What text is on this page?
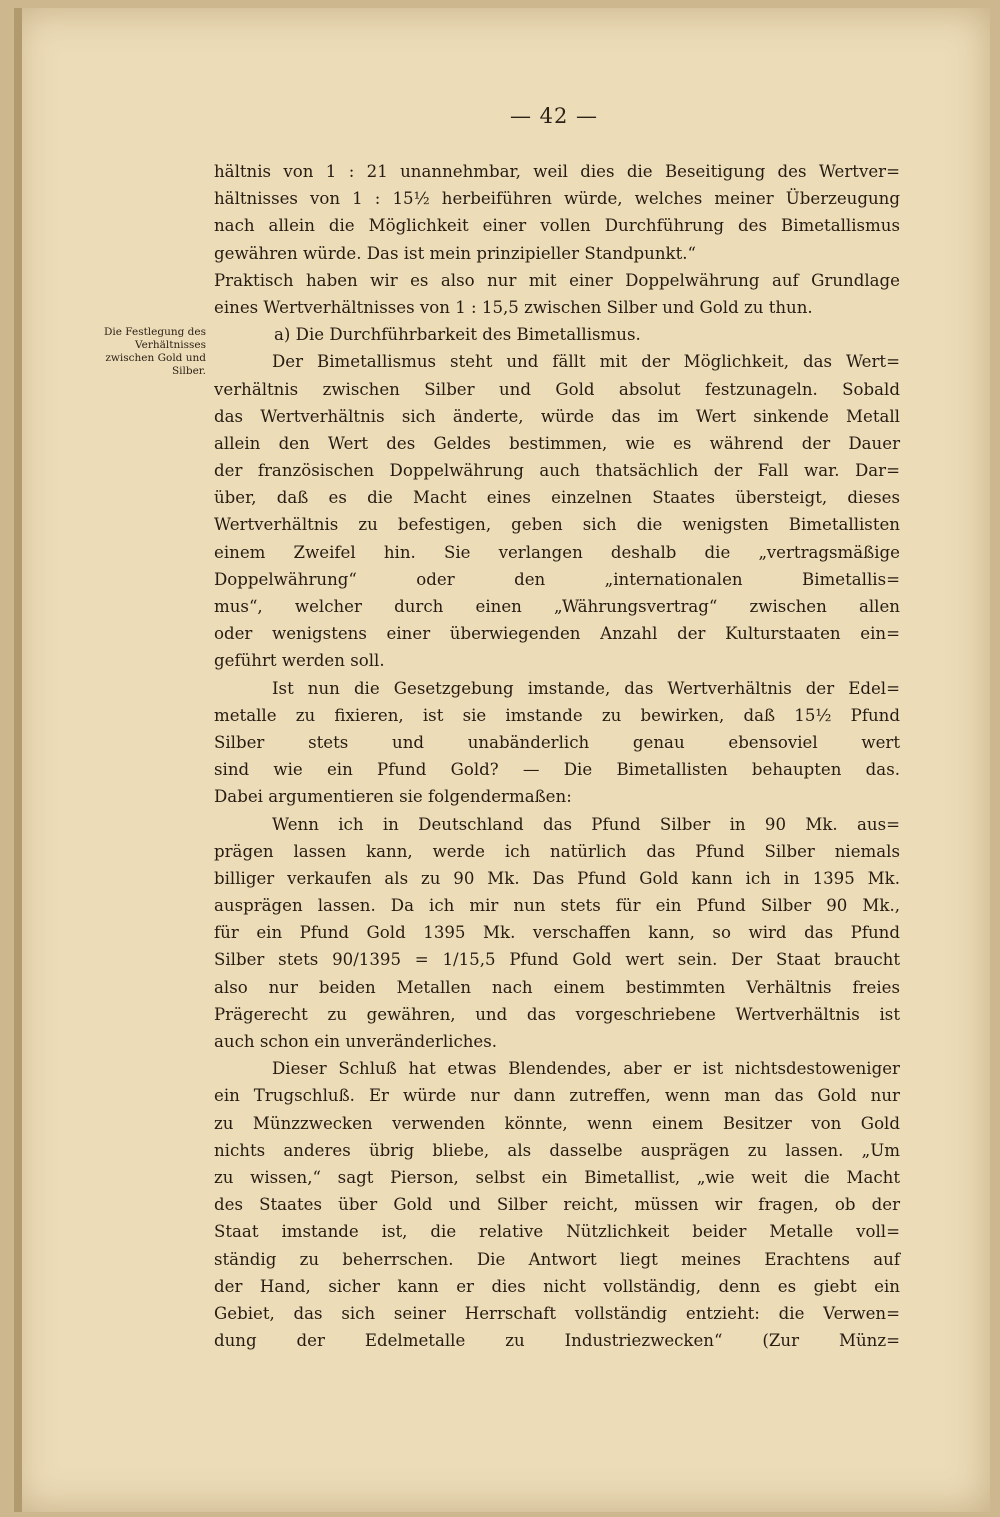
— 42 —
Die Festlegung des Verhältnisses zwischen Gold und Silber.
hältnis von 1 : 21 unannehmbar, weil dies die Beseitigung des Wertver=
hältnisses von 1 : 15½ herbeiführen würde, welches meiner Überzeugung
nach allein die Möglichkeit einer vollen Durchführung des Bimetallismus
gewähren würde. Das ist mein prinzipieller Standpunkt.“
Praktisch haben wir es also nur mit einer Doppelwährung auf Grundlage
eines Wertverhältnisses von 1 : 15,5 zwischen Silber und Gold zu thun.
a) Die Durchführbarkeit des Bimetallismus.
Der Bimetallismus steht und fällt mit der Möglichkeit, das Wert=
verhältnis zwischen Silber und Gold absolut festzunageln. Sobald
das Wertverhältnis sich änderte, würde das im Wert sinkende Metall
allein den Wert des Geldes bestimmen, wie es während der Dauer
der französischen Doppelwährung auch thatsächlich der Fall war. Dar=
über, daß es die Macht eines einzelnen Staates übersteigt, dieses
Wertverhältnis zu befestigen, geben sich die wenigsten Bimetallisten
einem Zweifel hin. Sie verlangen deshalb die „vertragsmäßige
Doppelwährung“ oder den „internationalen Bimetallis=
mus“, welcher durch einen „Währungsvertrag“ zwischen allen
oder wenigstens einer überwiegenden Anzahl der Kulturstaaten ein=
geführt werden soll.
Ist nun die Gesetzgebung imstande, das Wertverhältnis der Edel=
metalle zu fixieren, ist sie imstande zu bewirken, daß 15½ Pfund
Silber stets und unabänderlich genau ebensoviel wert
sind wie ein Pfund Gold? — Die Bimetallisten behaupten das.
Dabei argumentieren sie folgendermaßen:
Wenn ich in Deutschland das Pfund Silber in 90 Mk. aus=
prägen lassen kann, werde ich natürlich das Pfund Silber niemals
billiger verkaufen als zu 90 Mk. Das Pfund Gold kann ich in 1395 Mk.
ausprägen lassen. Da ich mir nun stets für ein Pfund Silber 90 Mk.,
für ein Pfund Gold 1395 Mk. verschaffen kann, so wird das Pfund
Silber stets 90/1395 = 1/15,5 Pfund Gold wert sein. Der Staat braucht
also nur beiden Metallen nach einem bestimmten Verhältnis freies
Prägerecht zu gewähren, und das vorgeschriebene Wertverhältnis ist
auch schon ein unveränderliches.
Dieser Schluß hat etwas Blendendes, aber er ist nichtsdestoweniger
ein Trugschluß. Er würde nur dann zutreffen, wenn man das Gold nur
zu Münzzwecken verwenden könnte, wenn einem Besitzer von Gold
nichts anderes übrig bliebe, als dasselbe ausprägen zu lassen. „Um
zu wissen,“ sagt Pierson, selbst ein Bimetallist, „wie weit die Macht
des Staates über Gold und Silber reicht, müssen wir fragen, ob der
Staat imstande ist, die relative Nützlichkeit beider Metalle voll=
ständig zu beherrschen. Die Antwort liegt meines Erachtens auf
der Hand, sicher kann er dies nicht vollständig, denn es giebt ein
Gebiet, das sich seiner Herrschaft vollständig entzieht: die Verwen=
dung der Edelmetalle zu Industriezwecken“ (Zur Münz=
